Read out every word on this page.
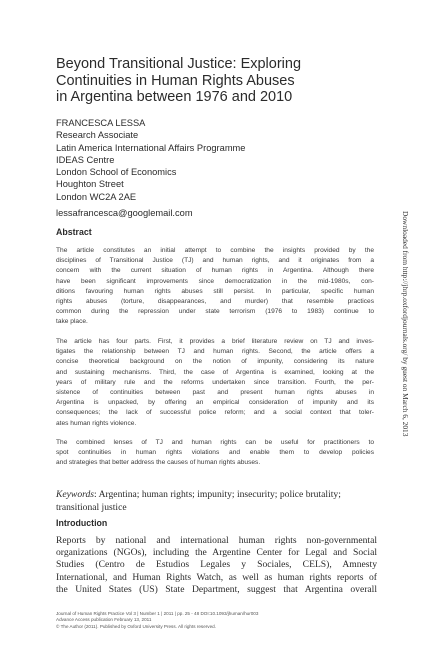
Beyond Transitional Justice: Exploring
Continuities in Human Rights Abuses
in Argentina between 1976 and 2010
FRANCESCA LESSA
Research Associate
Latin America International Affairs Programme
IDEAS Centre
London School of Economics
Houghton Street
London WC2A 2AE
lessafrancesca@googlemail.com
Abstract
The article constitutes an initial attempt to combine the insights provided by the
disciplines of Transitional Justice (TJ) and human rights, and it originates from a
concern with the current situation of human rights in Argentina. Although there
have been significant improvements since democratization in the mid-1980s, con-
ditions favouring human rights abuses still persist. In particular, specific human
rights abuses (torture, disappearances, and murder) that resemble practices
common during the repression under state terrorism (1976 to 1983) continue to
take place.
The article has four parts. First, it provides a brief literature review on TJ and inves-
tigates the relationship between TJ and human rights. Second, the article offers a
concise theoretical background on the notion of impunity, considering its nature
and sustaining mechanisms. Third, the case of Argentina is examined, looking at the
years of military rule and the reforms undertaken since transition. Fourth, the per-
sistence of continuities between past and present human rights abuses in
Argentina is unpacked, by offering an empirical consideration of impunity and its
consequences; the lack of successful police reform; and a social context that toler-
ates human rights violence.
The combined lenses of TJ and human rights can be useful for practitioners to
spot continuities in human rights violations and enable them to develop policies
and strategies that better address the causes of human rights abuses.
Keywords: Argentina; human rights; impunity; insecurity; police brutality;
transitional justice
Introduction
Reports by national and international human rights non-governmental
organizations (NGOs), including the Argentine Center for Legal and Social
Studies (Centro de Estudios Legales y Sociales, CELS), Amnesty
International, and Human Rights Watch, as well as human rights reports of
the United States (US) State Department, suggest that Argentina overall
Journal of Human Rights Practice Vol 3 | Number 1 | 2011 | pp. 25 - 48 DOI:10.1093/jhuman/hur003
Advance Access publication February 13, 2011
© The Author (2011). Published by Oxford University Press. All rights reserved.
Downloaded from http://jhrp.oxfordjournals.org/ by guest on March 6, 2013
